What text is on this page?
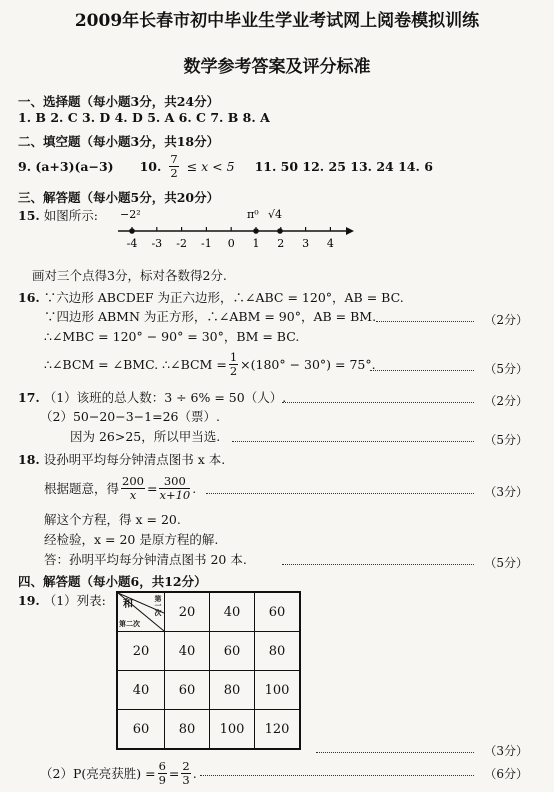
2009年长春市初中毕业生学业考试网上阅卷模拟训练
数学参考答案及评分标准
一、选择题（每小题3分，共24分）
1. B 2. C 3. D 4. D 5. A 6. C 7. B 8. A
二、填空题（每小题3分，共18分）
9. (a+3)(a−3) 10. $\frac{7}{2} \le x < 5$ 11. 50 12. 25 13. 24 14. 6
三、解答题（每小题5分，共20分）
15. 如图所示: −2²	π⁰ √4
-4 -3 -2 -1 0 1 2 3 4
画对三个点得3分，标对各数得2分.
16. ∵六边形 ABCDEF 为正六边形，∴∠ABC = 120°，AB = BC.
∵四边形 ABMN 为正方形，∴∠ABM = 90°，AB = BM.	（2分）
∴∠MBC = 120° − 90° = 30°，BM = BC.
∴∠BCM = ∠BMC. ∴∠BCM = $\frac{1}{2} \times(180^\circ - 30^\circ) = 75^\circ$.	（5分）
17. （1）该班的总人数：3 ÷ 6% = 50（人）.	（2分）
（2）50−20−3−1=26（票）.
因为 26>25，所以甲当选.	（5分）
18. 设孙明平均每分钟清点图书 x 本.
根据题意，得 $\frac{200}{x} = \frac{300}{x+10}$ .	（3分）
解这个方程，得 x = 20.
经检验，x = 20 是原方程的解.
答：孙明平均每分钟清点图书 20 本.	（5分）
四、解答题（每小题6，共12分）
19. （1）列表: 和 第一次
第二次	20	40	60
20	40	60	80
40	60	80	100
60	80	100	120
（3分）
（2）P(亮亮获胜) = $\frac{6}{9} = \frac{2}{3}$ .	（6分）
